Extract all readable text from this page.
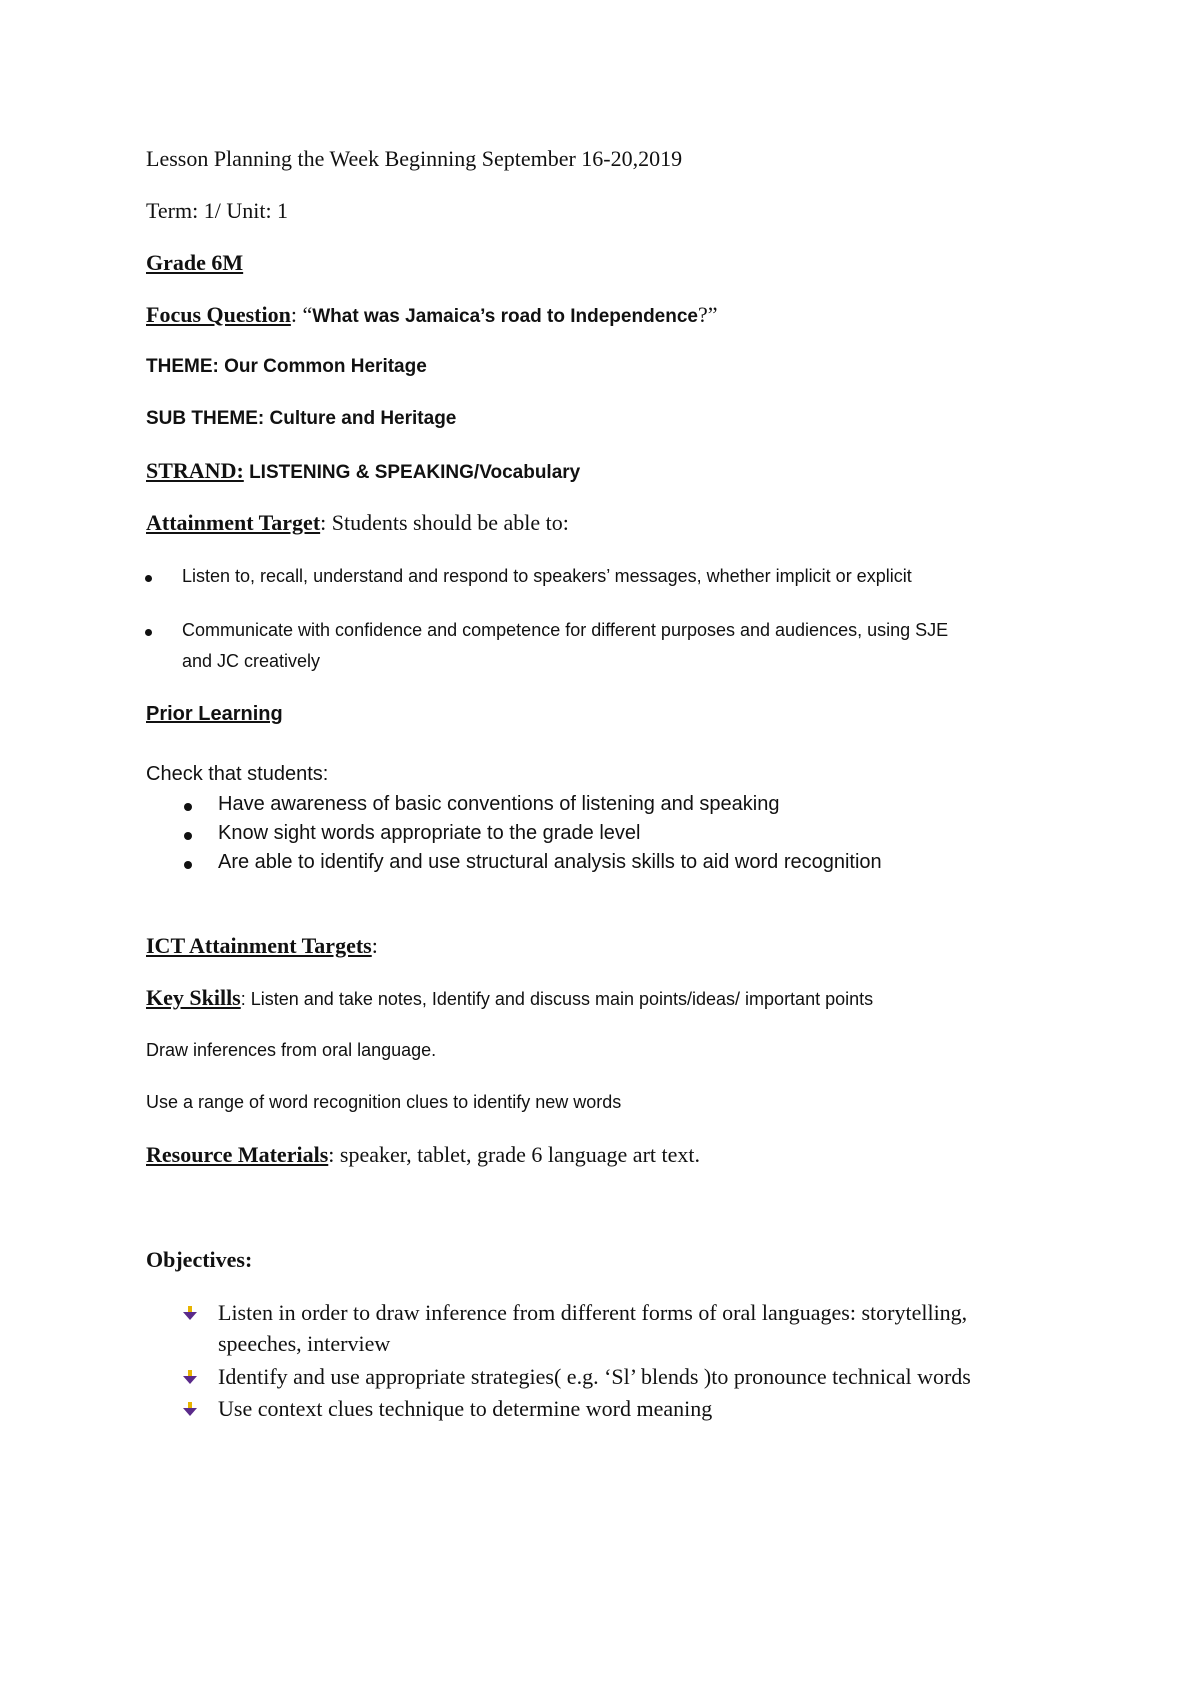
Lesson Planning the Week Beginning September 16-20,2019
Term: 1/ Unit: 1
Grade 6M
Focus Question: “What was Jamaica’s road to Independence?”
THEME: Our Common Heritage
SUB THEME: Culture and Heritage
STRAND: LISTENING & SPEAKING/Vocabulary
Attainment Target: Students should be able to:
Listen to, recall, understand and respond to speakers’ messages, whether implicit or explicit
Communicate with confidence and competence for different purposes and audiences, using SJE
and JC creatively
Prior Learning
Check that students:
Have awareness of basic conventions of listening and speaking
Know sight words appropriate to the grade level
Are able to identify and use structural analysis skills to aid word recognition
ICT Attainment Targets:
Key Skills: Listen and take notes, Identify and discuss main points/ideas/ important points
Draw inferences from oral language.
Use a range of word recognition clues to identify new words
Resource Materials: speaker, tablet, grade 6 language art text.
Objectives:
Listen in order to draw inference from different forms of oral languages: storytelling,
speeches, interview
Identify and use appropriate strategies( e.g. ‘Sl’ blends )to pronounce technical words
Use context clues technique to determine word meaning
